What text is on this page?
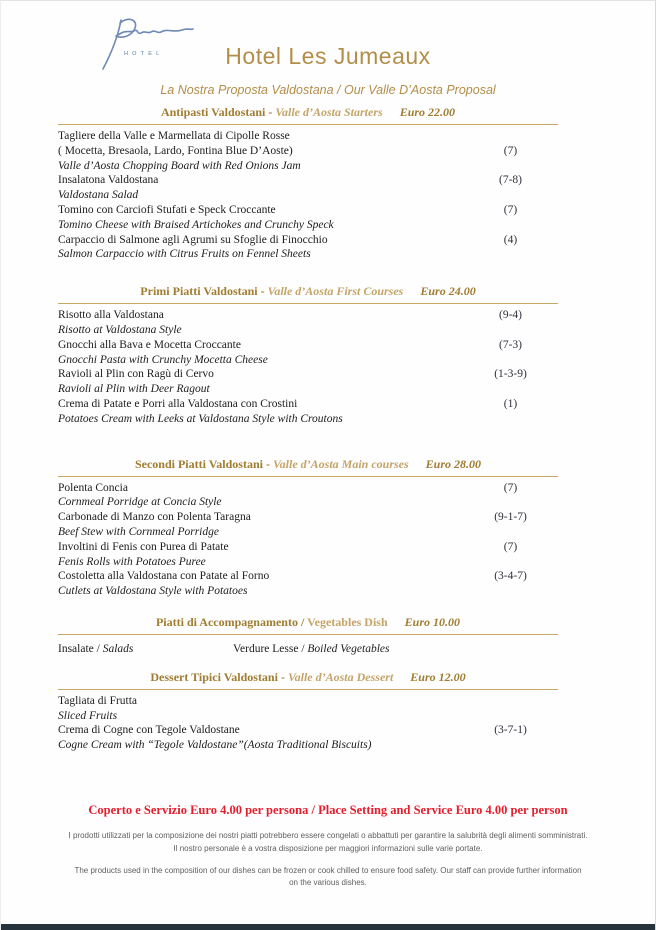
HOTEL	Hotel Les Jumeaux
La Nostra Proposta Valdostana / Our Valle D’Aosta Proposal
Antipasti Valdostani - Valle d’Aosta Starters Euro 22.00
Tagliere della Valle e Marmellata di Cipolle Rosse
( Mocetta, Bresaola, Lardo, Fontina Blue D’Aoste)	(7)
Valle d’Aosta Chopping Board with Red Onions Jam
Insalatona Valdostana	(7-8)
Valdostana Salad
Tomino con Carciofi Stufati e Speck Croccante	(7)
Tomino Cheese with Braised Artichokes and Crunchy Speck
Carpaccio di Salmone agli Agrumi su Sfoglie di Finocchio	(4)
Salmon Carpaccio with Citrus Fruits on Fennel Sheets
Primi Piatti Valdostani - Valle d’Aosta First Courses Euro 24.00
Risotto alla Valdostana	(9-4)
Risotto at Valdostana Style
Gnocchi alla Bava e Mocetta Croccante	(7-3)
Gnocchi Pasta with Crunchy Mocetta Cheese
Ravioli al Plin con Ragù di Cervo	(1-3-9)
Ravioli al Plin with Deer Ragout
Crema di Patate e Porri alla Valdostana con Crostini	(1)
Potatoes Cream with Leeks at Valdostana Style with Croutons
Secondi Piatti Valdostani - Valle d’Aosta Main courses Euro 28.00
Polenta Concia	(7)
Cornmeal Porridge at Concia Style
Carbonade di Manzo con Polenta Taragna	(9-1-7)
Beef Stew with Cornmeal Porridge
Involtini di Fenis con Purea di Patate	(7)
Fenis Rolls with Potatoes Puree
Costoletta alla Valdostana con Patate al Forno	(3-4-7)
Cutlets at Valdostana Style with Potatoes
Piatti di Accompagnamento / Vegetables Dish Euro 10.00
Insalate / Salads	Verdure Lesse / Boiled Vegetables
Dessert Tipici Valdostani - Valle d’Aosta Dessert Euro 12.00
Tagliata di Frutta
Sliced Fruits
Crema di Cogne con Tegole Valdostane	(3-7-1)
Cogne Cream with “Tegole Valdostane”(Aosta Traditional Biscuits)
Coperto e Servizio Euro 4.00 per persona / Place Setting and Service Euro 4.00 per person
I prodotti utilizzati per la composizione dei nostri piatti potrebbero essere congelati o abbattuti per garantire la salubrità degli alimenti somministrati.
Il nostro personale è a vostra disposizione per maggiori informazioni sulle varie portate.
The products used in the composition of our dishes can be frozen or cook chilled to ensure food safety. Our staff can provide further information
on the various dishes.
